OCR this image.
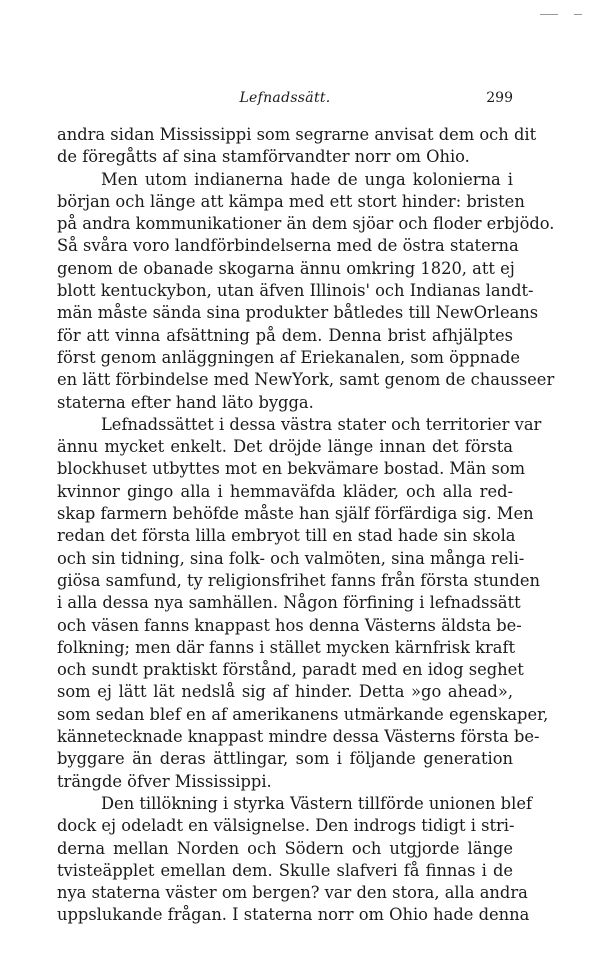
Lefnadssätt.	299
andra sidan Mississippi som segrarne anvisat dem och dit
de föregåtts af sina stamförvandter norr om Ohio.
Men utom indianerna hade de unga kolonierna i
början och länge att kämpa med ett stort hinder: bristen
på andra kommunikationer än dem sjöar och floder erbjödo.
Så svåra voro landförbindelserna med de östra staterna
genom de obanade skogarna ännu omkring 1820, att ej
blott kentuckybon, utan äfven Illinois' och Indianas landt-
män måste sända sina produkter båtledes till NewOrleans
för att vinna afsättning på dem. Denna brist afhjälptes
först genom anläggningen af Eriekanalen, som öppnade
en lätt förbindelse med NewYork, samt genom de chausseer
staterna efter hand läto bygga.
Lefnadssättet i dessa västra stater och territorier var
ännu mycket enkelt. Det dröjde länge innan det första
blockhuset utbyttes mot en bekvämare bostad. Män som
kvinnor gingo alla i hemmaväfda kläder, och alla red-
skap farmern behöfde måste han själf förfärdiga sig. Men
redan det första lilla embryot till en stad hade sin skola
och sin tidning, sina folk- och valmöten, sina många reli-
giösa samfund, ty religionsfrihet fanns från första stunden
i alla dessa nya samhällen. Någon förfining i lefnadssätt
och väsen fanns knappast hos denna Västerns äldsta be-
folkning; men där fanns i stället mycken kärnfrisk kraft
och sundt praktiskt förstånd, paradt med en idog seghet
som ej lätt lät nedslå sig af hinder. Detta »go ahead»,
som sedan blef en af amerikanens utmärkande egenskaper,
kännetecknade knappast mindre dessa Västerns första be-
byggare än deras ättlingar, som i följande generation
trängde öfver Mississippi.
Den tillökning i styrka Västern tillförde unionen blef
dock ej odeladt en välsignelse. Den indrogs tidigt i stri-
derna mellan Norden och Södern och utgjorde länge
tvisteäpplet emellan dem. Skulle slafveri få finnas i de
nya staterna väster om bergen? var den stora, alla andra
uppslukande frågan. I staterna norr om Ohio hade denna
